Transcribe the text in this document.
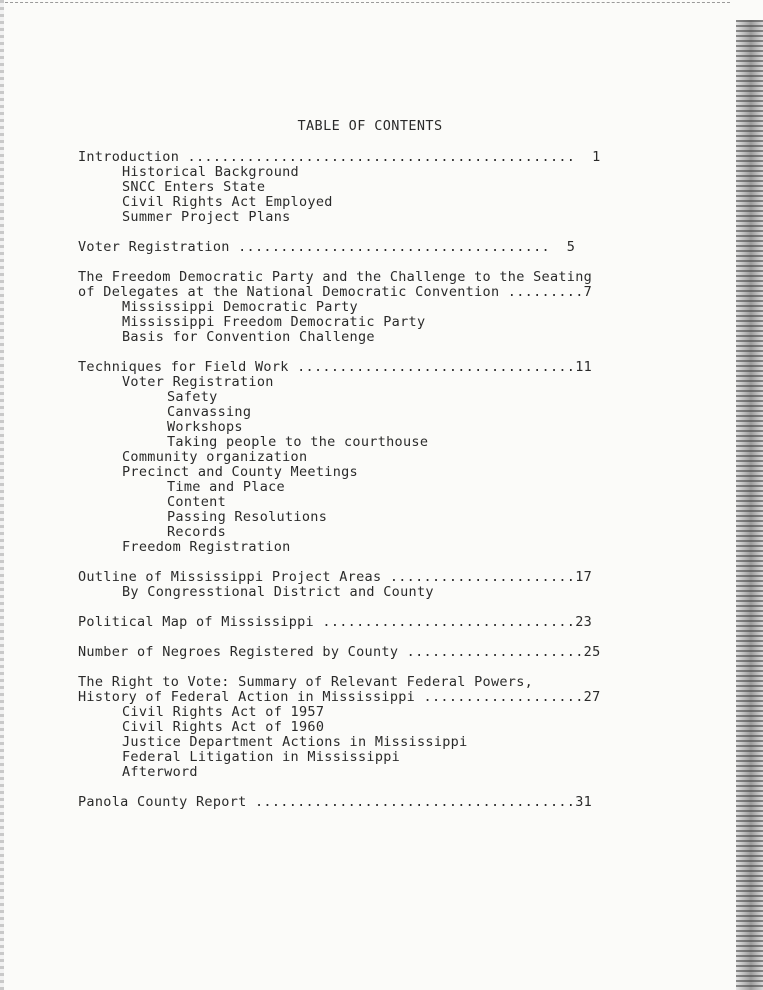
TABLE OF CONTENTS
Introduction ..............................................  1
Historical Background
SNCC Enters State
Civil Rights Act Employed
Summer Project Plans
Voter Registration .....................................  5
The Freedom Democratic Party and the Challenge to the Seating
of Delegates at the National Democratic Convention .........7
Mississippi Democratic Party
Mississippi Freedom Democratic Party
Basis for Convention Challenge
Techniques for Field Work .................................11
Voter Registration
Safety
Canvassing
Workshops
Taking people to the courthouse
Community organization
Precinct and County Meetings
Time and Place
Content
Passing Resolutions
Records
Freedom Registration
Outline of Mississippi Project Areas ......................17
By Congresstional District and County
Political Map of Mississippi ..............................23
Number of Negroes Registered by County .....................25
The Right to Vote: Summary of Relevant Federal Powers,
History of Federal Action in Mississippi ...................27
Civil Rights Act of 1957
Civil Rights Act of 1960
Justice Department Actions in Mississippi
Federal Litigation in Mississippi
Afterword
Panola County Report ......................................31
